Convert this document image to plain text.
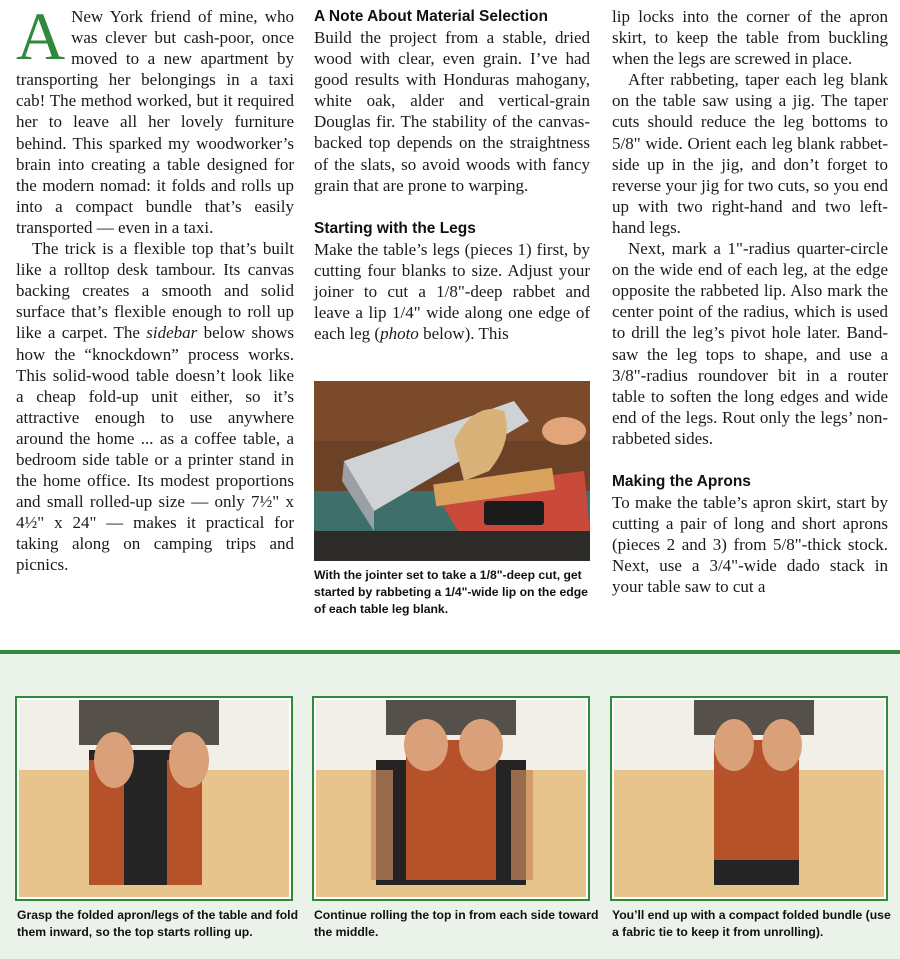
A New York friend of mine, who was clever but cash-poor, once moved to a new apartment by transporting her belongings in a taxi cab! The method worked, but it required her to leave all her lovely furniture behind. This sparked my woodworker’s brain into creating a table designed for the modern nomad: it folds and rolls up into a compact bundle that’s easily transported — even in a taxi.

The trick is a flexible top that’s built like a rolltop desk tambour. Its canvas backing creates a smooth and solid surface that’s flexible enough to roll up like a carpet. The sidebar below shows how the “knockdown” process works. This solid-wood table doesn’t look like a cheap fold-up unit either, so it’s attractive enough to use anywhere around the home ... as a coffee table, a bedroom side table or a printer stand in the home office. Its modest proportions and small rolled-up size — only 7½" x 4½" x 24" — makes it practical for taking along on camping trips and picnics.

A Note About Material Selection

Build the project from a stable, dried wood with clear, even grain. I’ve had good results with Honduras mahogany, white oak, alder and vertical-grain Douglas fir. The stability of the canvas-backed top depends on the straightness of the slats, so avoid woods with fancy grain that are prone to warping.

Starting with the Legs

Make the table’s legs (pieces 1) first, by cutting four blanks to size. Adjust your joiner to cut a 1/8"-deep rabbet and leave a lip 1/4" wide along one edge of each leg (photo below). This

With the jointer set to take a 1/8"-deep cut, get started by rabbeting a 1/4"-wide lip on the edge of each table leg blank.

lip locks into the corner of the apron skirt, to keep the table from buckling when the legs are screwed in place.

After rabbeting, taper each leg blank on the table saw using a jig. The taper cuts should reduce the leg bottoms to 5/8" wide. Orient each leg blank rabbet-side up in the jig, and don’t forget to reverse your jig for two cuts, so you end up with two right-hand and two left-hand legs.

Next, mark a 1"-radius quarter-circle on the wide end of each leg, at the edge opposite the rabbeted lip. Also mark the center point of the radius, which is used to drill the leg’s pivot hole later. Band-saw the leg tops to shape, and use a 3/8"-radius roundover bit in a router table to soften the long edges and wide end of the legs. Rout only the legs’ non-rabbeted sides.

Making the Aprons

To make the table’s apron skirt, start by cutting a pair of long and short aprons (pieces 2 and 3) from 5/8"-thick stock. Next, use a 3/4"-wide dado stack in your table saw to cut a

Grasp the folded apron/legs of the table and fold them inward, so the top starts rolling up.
Continue rolling the top in from each side toward the middle.
You’ll end up with a compact folded bundle (use a fabric tie to keep it from unrolling).
